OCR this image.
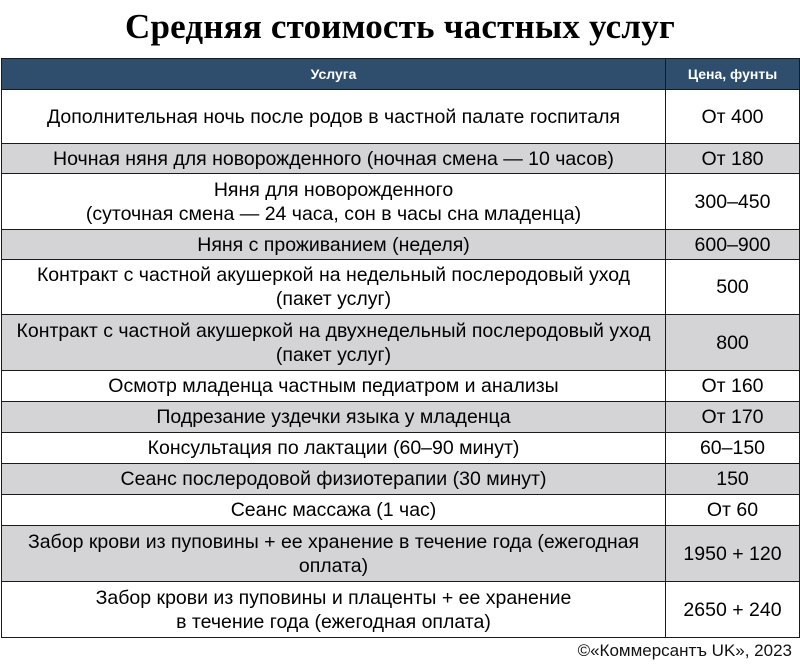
Средняя стоимость частных услуг
Услуга	Цена, фунты
Дополнительная ночь после родов в частной палате госпиталя	От 400
Ночная няня для новорожденного (ночная смена — 10 часов)	От 180
Няня для новорожденного
(суточная смена — 24 часа, сон в часы сна младенца)	300–450
Няня с проживанием (неделя)	600–900
Контракт с частной акушеркой на недельный послеродовый уход (пакет услуг)	500
Контракт с частной акушеркой на двухнедельный послеродовый уход (пакет услуг)	800
Осмотр младенца частным педиатром и анализы	От 160
Подрезание уздечки языка у младенца	От 170
Консультация по лактации (60–90 минут)	60–150
Сеанс послеродовой физиотерапии (30 минут)	150
Сеанс массажа (1 час)	От 60
Забор крови из пуповины + ее хранение в течение года (ежегодная оплата)	1950 + 120
Забор крови из пуповины и плаценты + ее хранение
в течение года (ежегодная оплата)	2650 + 240
©«Коммерсантъ UK», 2023
